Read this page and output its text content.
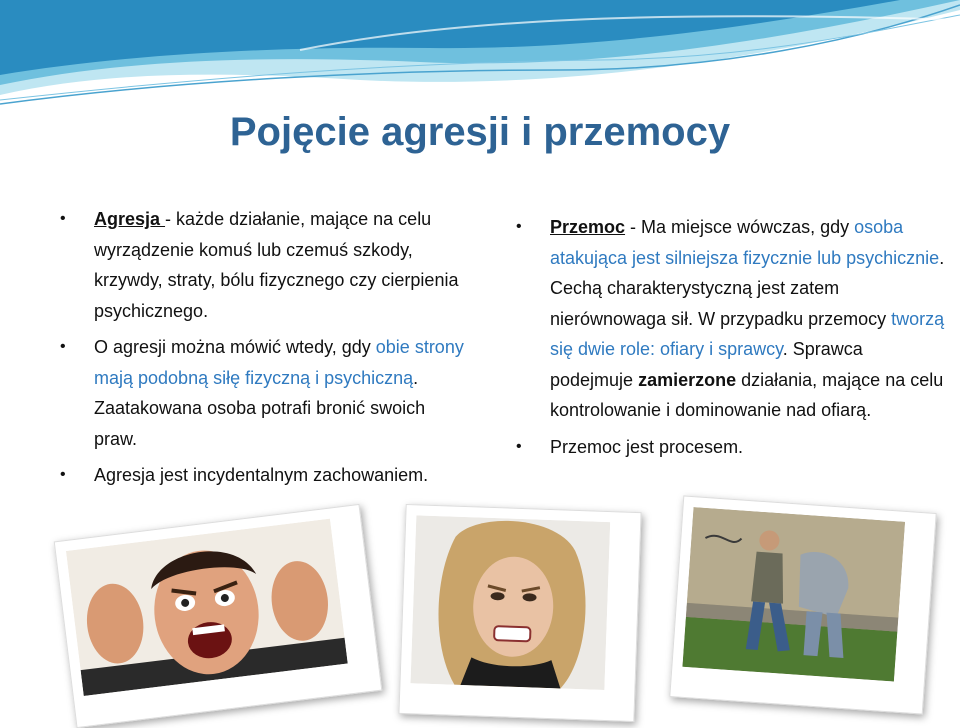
Pojęcie agresji i przemocy
• Agresja - każde działanie, mające na celu wyrządzenie komuś lub czemuś szkody, krzywdy, straty, bólu fizycznego czy cierpienia psychicznego.
• O agresji można mówić wtedy, gdy obie strony mają podobną siłę fizyczną i psychiczną. Zaatakowana osoba potrafi bronić swoich praw.
• Agresja jest incydentalnym zachowaniem.
• Przemoc - Ma miejsce wówczas, gdy osoba atakująca jest silniejsza fizycznie lub psychicznie. Cechą charakterystyczną jest zatem nierównowaga sił. W przypadku przemocy tworzą się dwie role: ofiary i sprawcy. Sprawca podejmuje zamierzone działania, mające na celu kontrolowanie i dominowanie nad ofiarą.
• Przemoc jest procesem.
